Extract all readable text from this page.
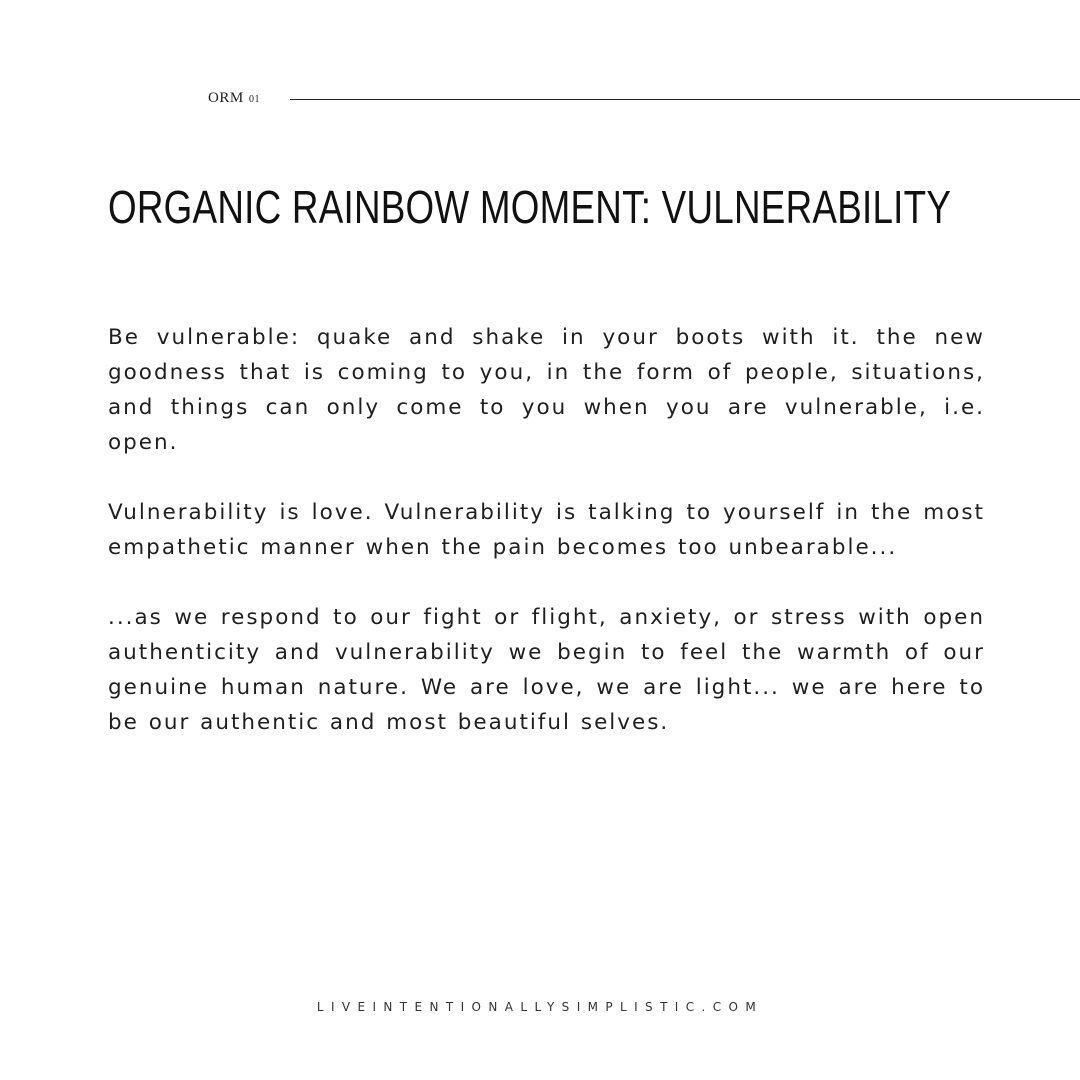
ORM 01
ORGANIC RAINBOW MOMENT: VULNERABILITY

Be vulnerable: quake and shake in your boots with it. the new goodness that is coming to you, in the form of people, situations, and things can only come to you when you are vulnerable, i.e. open.

Vulnerability is love. Vulnerability is talking to yourself in the most empathetic manner when the pain becomes too unbearable...

...as we respond to our fight or flight, anxiety, or stress with open authenticity and vulnerability we begin to feel the warmth of our genuine human nature. We are love, we are light... we are here to be our authentic and most beautiful selves.

LIVEINTENTIONALLYSIMPLISTIC.COM
